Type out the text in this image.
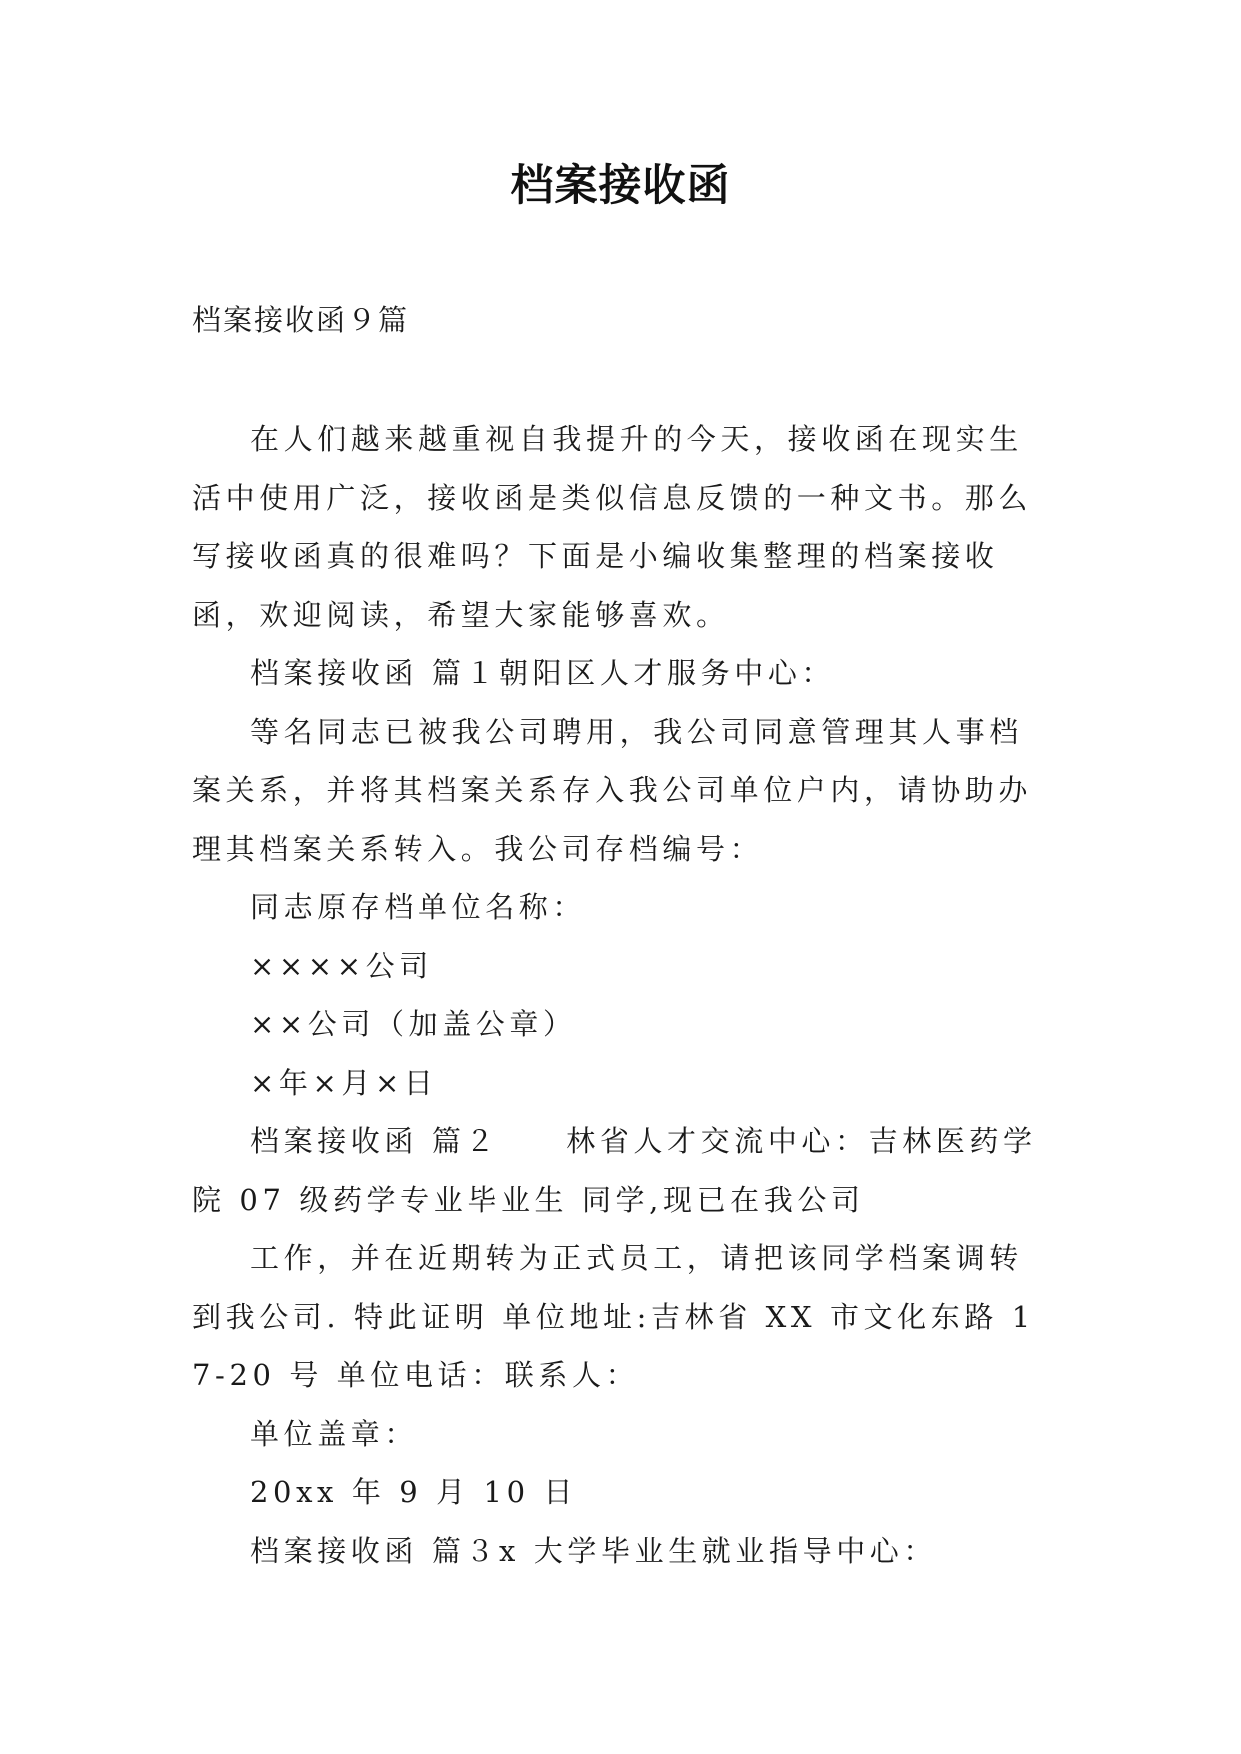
档案接收函
档案接收函９篇

在人们越来越重视自我提升的今天，接收函在现实生活中使用广泛，接收函是类似信息反馈的一种文书。那么写接收函真的很难吗？下面是小编收集整理的档案接收函，欢迎阅读，希望大家能够喜欢。

档案接收函 篇１朝阳区人才服务中心：

等名同志已被我公司聘用，我公司同意管理其人事档案关系，并将其档案关系存入我公司单位户内，请协助办理其档案关系转入。我公司存档编号：

同志原存档单位名称：

××××公司

××公司（加盖公章）

×年×月×日

档案接收函 篇２　　林省人才交流中心：吉林医药学院 07 级药学专业毕业生 同学,现已在我公司

工作，并在近期转为正式员工，请把该同学档案调转到我公司. 特此证明 单位地址:吉林省 XX 市文化东路 17-20 号 单位电话：联系人：

单位盖章：

20xx 年 9 月 10 日

档案接收函 篇３x 大学毕业生就业指导中心：
